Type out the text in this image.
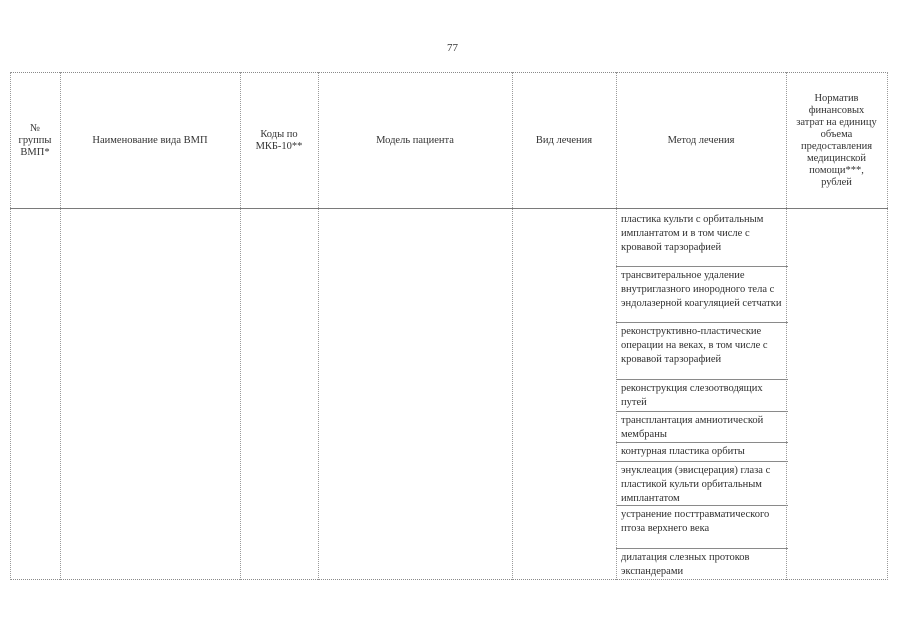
77
№ группы ВМП*
Наименование вида ВМП
Коды по МКБ-10**
Модель пациента	Вид лечения	Метод лечения
Норматив финансовых затрат на единицу объема предоставления медицинской помощи***, рублей
пластика культи с орбитальным имплантатом и в том числе с кровавой тарзорафией
трансвитеральное удаление внутриглазного инородного тела с эндолазерной коагуляцией сетчатки
реконструктивно-пластические операции на веках, в том числе с кровавой тарзорафией
реконструкция слезоотводящих путей
трансплантация амниотической мембраны
контурная пластика орбиты
энуклеация (эвисцерация) глаза с пластикой культи орбитальным имплантатом
устранение посттравматического птоза верхнего века
дилатация слезных протоков экспандерами
